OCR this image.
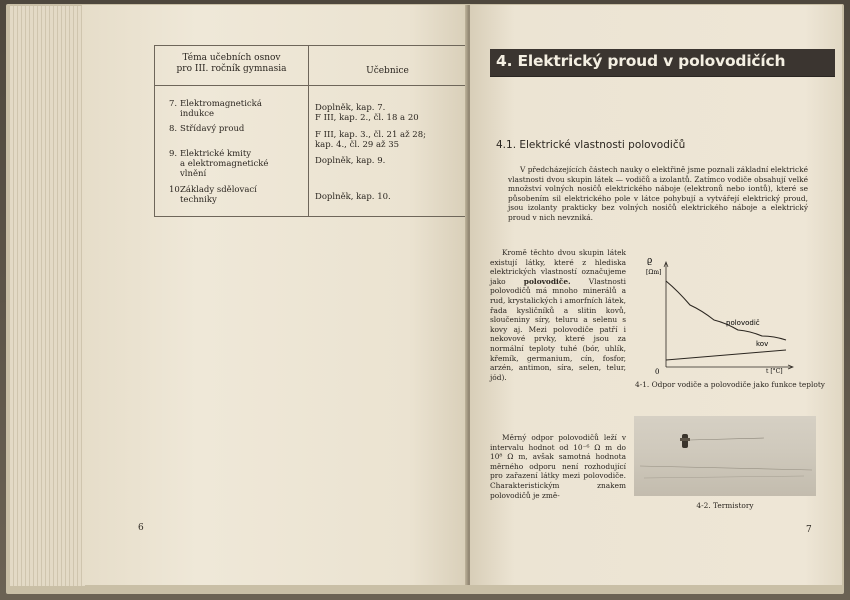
Téma učebních osnov
pro III. ročník gymnasia	Učebnice
7. Elektromagnetická
indukce
8. Střídavý proud
9. Elektrické kmity
a elektromagnetické
vlnění
10.
Základy sdělovací
techniky
Doplněk, kap. 7.
F III, kap. 2., čl. 18 a 20
F III, kap. 3., čl. 21 až 28;
kap. 4., čl. 29 až 35
Doplněk, kap. 9.
Doplněk, kap. 10.
6
4. Elektrický proud v polovodičích
4.1. Elektrické vlastnosti polovodičů
V předcházejících částech nauky o elektřině jsme poznali základní elektrické vlastnosti dvou skupin látek — vodičů a izolantů. Zatímco vodiče obsahují velké množství volných nosičů elektrického náboje (elektronů nebo iontů), které se působením sil elektrického pole v látce pohybují a vytvářejí elektrický proud, jsou izolanty prakticky bez volných nosičů elektrického náboje a elektrický proud v nich nevzniká.
Kromě těchto dvou skupin látek existují látky, které z hlediska elektrických vlastností označujeme jako polovodiče. Vlastnosti polovodičů má mnoho minerálů a rud, krystalických i amorfních látek, řada kysličníků a slitin kovů, sloučeniny síry, teluru a selenu s kovy aj. Mezi polovodiče patří i nekovové prvky, které jsou za normální teploty tuhé (bór, uhlík, křemík, germanium, cín, fosfor, arzén, antimon, síra, selen, telur, jód).
Měrný odpor polovodičů leží v intervalu hodnot od 10⁻⁶ Ω m do 10⁸ Ω m, avšak samotná hodnota měrného odporu není rozhodující pro zařazení látky mezi polovodiče. Charakteristickým znakem polovodičů je změ-
ϱ
[Ωm]
0	t [°C]
polovodič
kov
4-1. Odpor vodiče a polovodiče jako funkce teploty
4-2. Termistory
7
